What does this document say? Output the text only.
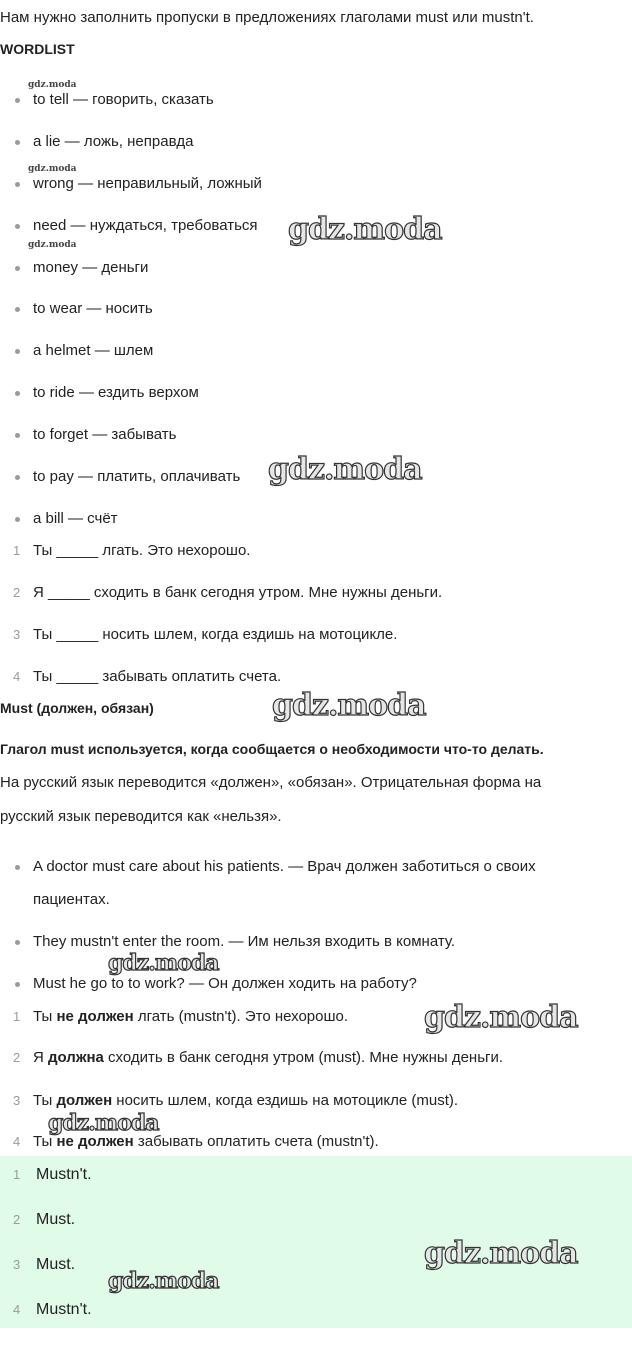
Нам нужно заполнить пропуски в предложениях глаголами must или mustn't.
WORDLIST
to tell — говорить, сказать
a lie — ложь, неправда
wrong — неправильный, ложный
need — нуждаться, требоваться
money — деньги
to wear — носить
a helmet — шлем
to ride — ездить верхом
to forget — забывать
to pay — платить, оплачивать
a bill — счёт
1 Ты _____ лгать. Это нехорошо.
2 Я _____ сходить в банк сегодня утром. Мне нужны деньги.
3 Ты _____ носить шлем, когда ездишь на мотоцикле.
4 Ты _____ забывать оплатить счета.
Must (должен, обязан)
Глагол must используется, когда сообщается о необходимости что-то делать.
На русский язык переводится «должен», «обязан». Отрицательная форма на
русский язык переводится как «нельзя».
A doctor must care about his patients. — Врач должен заботиться о своих
пациентах.
They mustn't enter the room. — Им нельзя входить в комнату.
Must he go to to work? — Он должен ходить на работу?
1 Ты не должен лгать (mustn't). Это нехорошо.
2 Я должна сходить в банк сегодня утром (must). Мне нужны деньги.
3 Ты должен носить шлем, когда ездишь на мотоцикле (must).
4 Ты не должен забывать оплатить счета (mustn't).
1 Mustn't.
2 Must.
3 Must.
4 Mustn't.
gdz.moda
gdz.moda
gdz.moda	gdz.moda
gdz.moda
gdz.moda
gdz.moda
gdz.moda
gdz.moda
gdz.moda
gdz.moda
